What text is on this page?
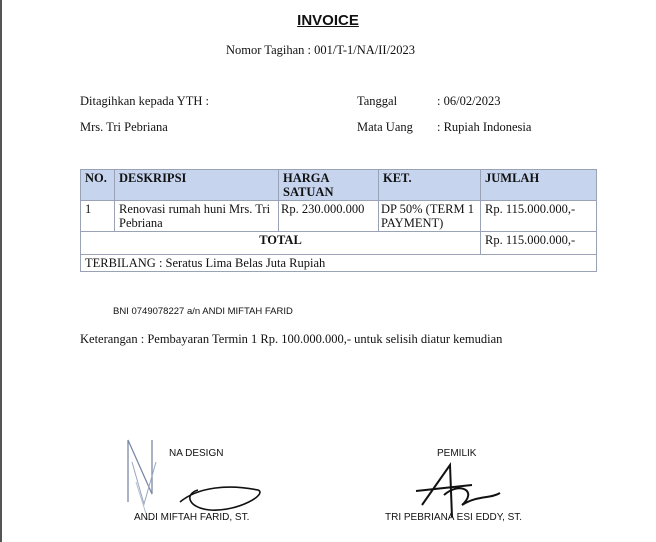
INVOICE
Nomor Tagihan : 001/T-1/NA/II/2023
Ditagihkan kepada YTH :
Mrs. Tri Pebriana
Tanggal	: 06/02/2023
Mata Uang : Rupiah Indonesia
NO.	DESKRIPSI	HARGA SATUAN	KET.	JUMLAH
1	Renovasi rumah huni Mrs. Tri Pebriana	Rp. 230.000.000	DP 50% (TERM 1 PAYMENT)	Rp. 115.000.000,-
TOTAL				Rp. 115.000.000,-
TERBILANG : Seratus Lima Belas Juta Rupiah				
BNI 0749078227 a/n ANDI MIFTAH FARID
Keterangan : Pembayaran Termin 1 Rp. 100.000.000,- untuk selisih diatur kemudian
NA DESIGN
ANDI MIFTAH FARID, ST.
PEMILIK
TRI PEBRIANA ESI EDDY, ST.
